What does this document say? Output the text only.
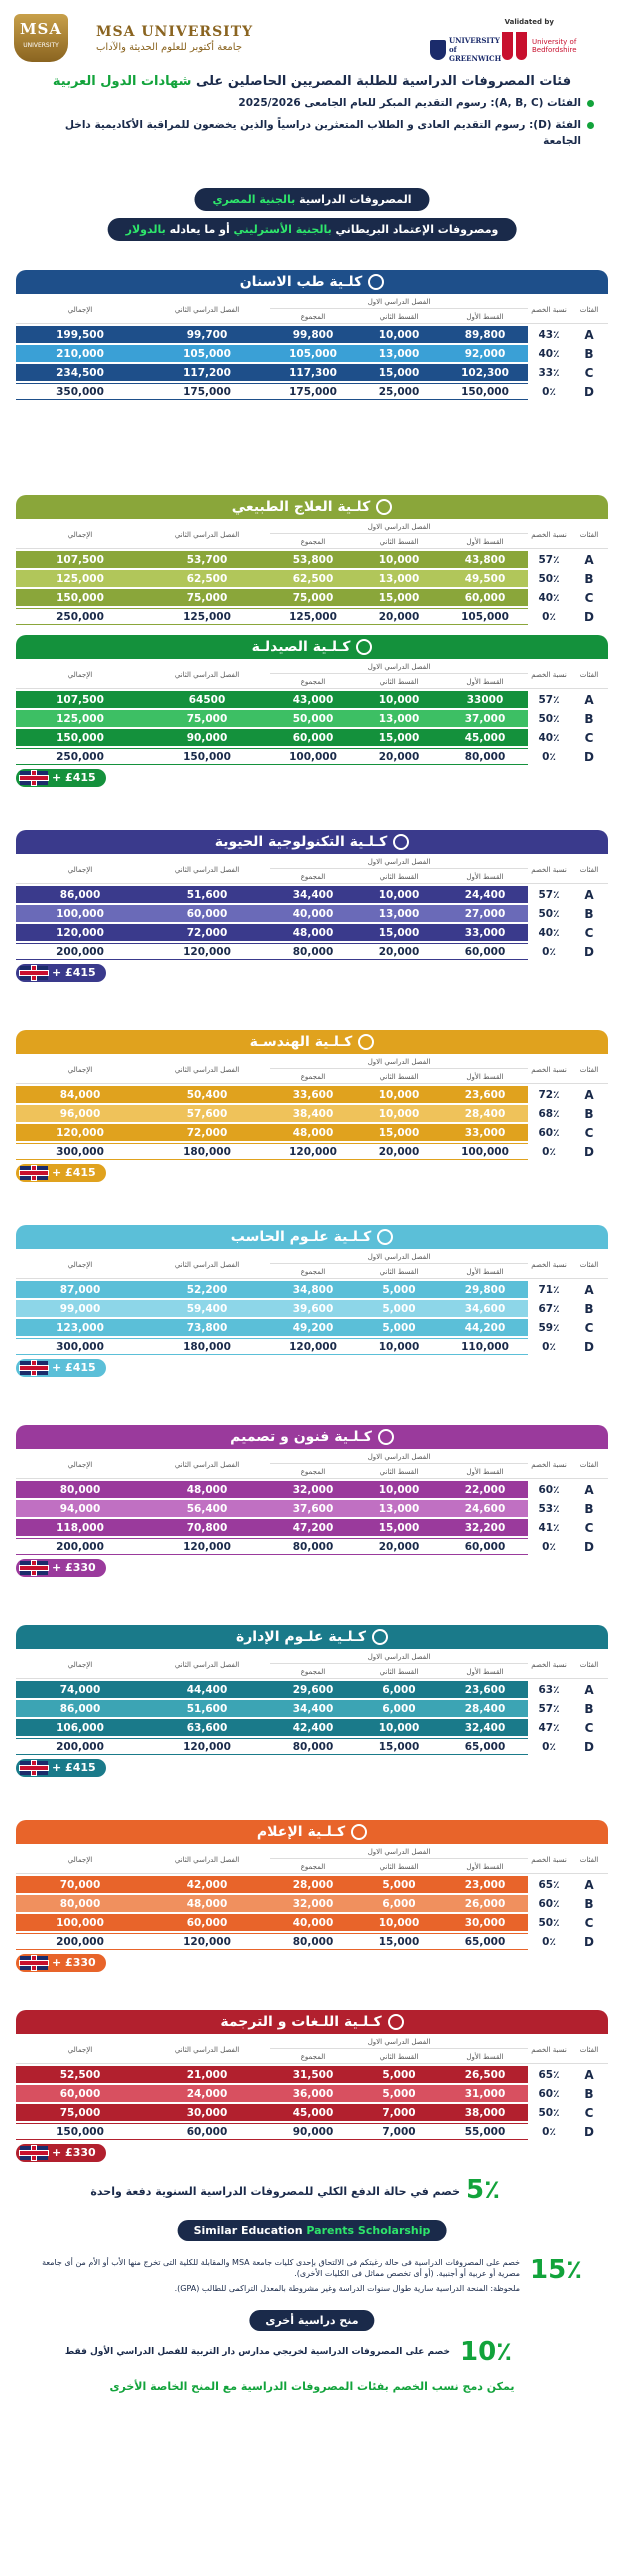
MSA
UNIVERSITY
MSA UNIVERSITY
جامعة أكتوبر للعلوم الحديثة والآداب
Validated by
UNIVERSITY of GREENWICH
University of Bedfordshire
فئات المصروفات الدراسية للطلبة المصريين الحاصلين على شهادات الدول العربية
الفئات (A, B, C): رسوم التقديم المبكر للعام الجامعى 2025/2026
الفئة (D): رسوم التقديم العادى و الطلاب المتعثرين دراسياً والذين يخضعون للمراقبة الأكاديمية داخل الجامعة
المصروفات الدراسية بالجنية المصري
ومصروفات الإعتماد البريطاني بالجنية الأسترليني أو ما يعادله بالدولار
كلـية طب الاسنان
الفئات	نسبة الخصم	الفصل الدراسي الاول			الفصل الدراسي الثاني	الإجمالي
		القسط الأول	القسط الثاني	المجموع		
A	43٪	89,800	10,000	99,800	99,700	199,500
B	40٪	92,000	13,000	105,000	105,000	210,000
C	33٪	102,300	15,000	117,300	117,200	234,500
D	0٪	150,000	25,000	175,000	175,000	350,000
كلـية العلاج الطبيعي
الفئات	نسبة الخصم	الفصل الدراسي الاول			الفصل الدراسي الثاني	الإجمالي
		القسط الأول	القسط الثاني	المجموع		
A	57٪	43,800	10,000	53,800	53,700	107,500
B	50٪	49,500	13,000	62,500	62,500	125,000
C	40٪	60,000	15,000	75,000	75,000	150,000
D	0٪	105,000	20,000	125,000	125,000	250,000
كـلـية الصيدلـة
الفئات	نسبة الخصم	الفصل الدراسي الاول			الفصل الدراسي الثاني	الإجمالي
		القسط الأول	القسط الثاني	المجموع		
A	57٪	33000	10,000	43,000	64500	107,500
B	50٪	37,000	13,000	50,000	75,000	125,000
C	40٪	45,000	15,000	60,000	90,000	150,000
D	0٪	80,000	20,000	100,000	150,000	250,000
+ £415
كـلـية التكنولوجية الحيوية
الفئات	نسبة الخصم	الفصل الدراسي الاول			الفصل الدراسي الثاني	الإجمالي
		القسط الأول	القسط الثاني	المجموع		
A	57٪	24,400	10,000	34,400	51,600	86,000
B	50٪	27,000	13,000	40,000	60,000	100,000
C	40٪	33,000	15,000	48,000	72,000	120,000
D	0٪	60,000	20,000	80,000	120,000	200,000
+ £415
كـلـية الهندسـة
الفئات	نسبة الخصم	الفصل الدراسي الاول			الفصل الدراسي الثاني	الإجمالي
		القسط الأول	القسط الثاني	المجموع		
A	72٪	23,600	10,000	33,600	50,400	84,000
B	68٪	28,400	10,000	38,400	57,600	96,000
C	60٪	33,000	15,000	48,000	72,000	120,000
D	0٪	100,000	20,000	120,000	180,000	300,000
+ £415
كـلـية علـوم الحاسب
الفئات	نسبة الخصم	الفصل الدراسي الاول			الفصل الدراسي الثاني	الإجمالي
		القسط الأول	القسط الثاني	المجموع		
A	71٪	29,800	5,000	34,800	52,200	87,000
B	67٪	34,600	5,000	39,600	59,400	99,000
C	59٪	44,200	5,000	49,200	73,800	123,000
D	0٪	110,000	10,000	120,000	180,000	300,000
+ £415
كـلـية فنون و تصميم
الفئات	نسبة الخصم	الفصل الدراسي الاول			الفصل الدراسي الثاني	الإجمالي
		القسط الأول	القسط الثاني	المجموع		
A	60٪	22,000	10,000	32,000	48,000	80,000
B	53٪	24,600	13,000	37,600	56,400	94,000
C	41٪	32,200	15,000	47,200	70,800	118,000
D	0٪	60,000	20,000	80,000	120,000	200,000
+ £330
كـلـية علـوم الإدارة
الفئات	نسبة الخصم	الفصل الدراسي الاول			الفصل الدراسي الثاني	الإجمالي
		القسط الأول	القسط الثاني	المجموع		
A	63٪	23,600	6,000	29,600	44,400	74,000
B	57٪	28,400	6,000	34,400	51,600	86,000
C	47٪	32,400	10,000	42,400	63,600	106,000
D	0٪	65,000	15,000	80,000	120,000	200,000
+ £415
كـلـية الإعلام
الفئات	نسبة الخصم	الفصل الدراسي الاول			الفصل الدراسي الثاني	الإجمالي
		القسط الأول	القسط الثاني	المجموع		
A	65٪	23,000	5,000	28,000	42,000	70,000
B	60٪	26,000	6,000	32,000	48,000	80,000
C	50٪	30,000	10,000	40,000	60,000	100,000
D	0٪	65,000	15,000	80,000	120,000	200,000
+ £330
كـلـية اللـغات و الترجمة
الفئات	نسبة الخصم	الفصل الدراسي الاول			الفصل الدراسي الثاني	الإجمالي
		القسط الأول	القسط الثاني	المجموع		
A	65٪	26,500	5,000	31,500	21,000	52,500
B	60٪	31,000	5,000	36,000	24,000	60,000
C	50٪	38,000	7,000	45,000	30,000	75,000
D	0٪	55,000	7,000	90,000	60,000	150,000
+ £330
5٪
خصم في حالة الدفع الكلي للمصروفات الدراسية السنوية دفعة واحدة
Similar Education Parents Scholarship
15٪
خصم على المصروفات الدراسية فى حالة رغبتكم فى الالتحاق بإحدى كليات جامعة MSA والمقابلة للكلية التى تخرج منها الأب أو الأم من أى جامعة مصرية أو عربية أو أجنبية. (أو أى تخصص مماثل فى الكليات الأخرى).
ملحوظة: المنحة الدراسية سارية طوال سنوات الدراسة وغير مشروطة بالمعدل التراكمى للطالب (GPA).
منح دراسية أخرى
10٪
خصم على المصروفات الدراسية لخريجي مدارس دار التربية للفصل الدراسي الأول فقط
يمكن دمج نسب الخصم بفئات المصروفات الدراسية مع المنح الخاصة الأخرى
